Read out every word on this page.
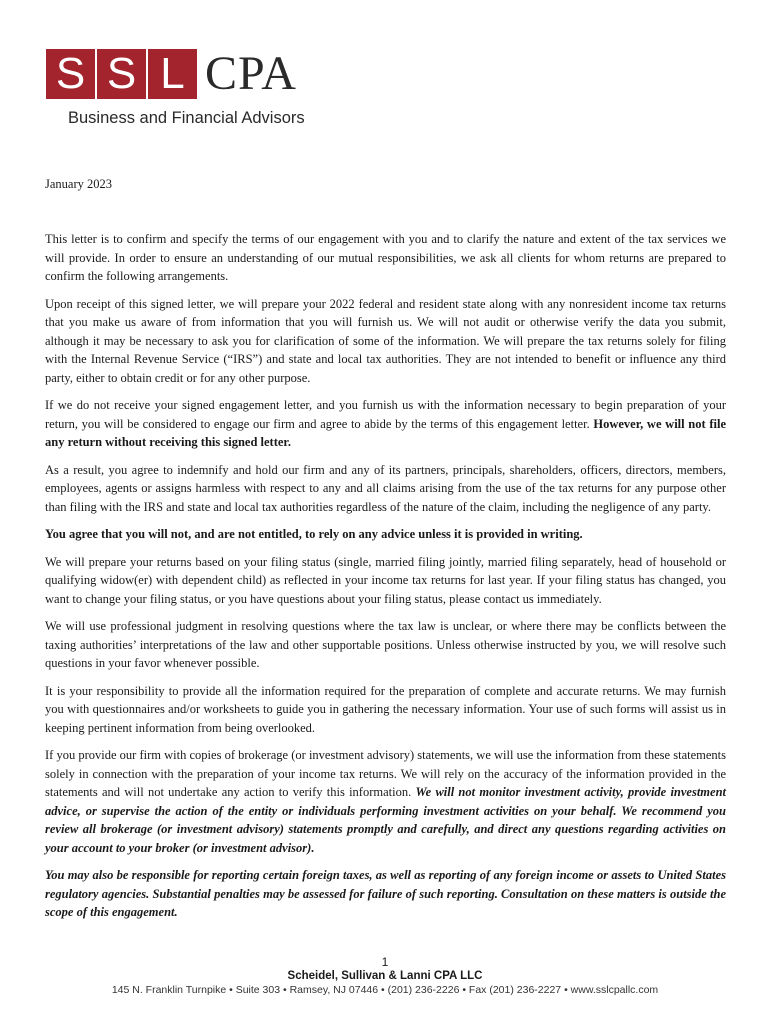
S S L CPA
Business and Financial Advisors
January 2023

This letter is to confirm and specify the terms of our engagement with you and to clarify the nature and extent of the tax services we will provide. In order to ensure an understanding of our mutual responsibilities, we ask all clients for whom returns are prepared to confirm the following arrangements.

Upon receipt of this signed letter, we will prepare your 2022 federal and resident state along with any nonresident income tax returns that you make us aware of from information that you will furnish us. We will not audit or otherwise verify the data you submit, although it may be necessary to ask you for clarification of some of the information. We will prepare the tax returns solely for filing with the Internal Revenue Service (“IRS”) and state and local tax authorities. They are not intended to benefit or influence any third party, either to obtain credit or for any other purpose.

If we do not receive your signed engagement letter, and you furnish us with the information necessary to begin preparation of your return, you will be considered to engage our firm and agree to abide by the terms of this engagement letter. However, we will not file any return without receiving this signed letter.

As a result, you agree to indemnify and hold our firm and any of its partners, principals, shareholders, officers, directors, members, employees, agents or assigns harmless with respect to any and all claims arising from the use of the tax returns for any purpose other than filing with the IRS and state and local tax authorities regardless of the nature of the claim, including the negligence of any party.

You agree that you will not, and are not entitled, to rely on any advice unless it is provided in writing.

We will prepare your returns based on your filing status (single, married filing jointly, married filing separately, head of household or qualifying widow(er) with dependent child) as reflected in your income tax returns for last year. If your filing status has changed, you want to change your filing status, or you have questions about your filing status, please contact us immediately.

We will use professional judgment in resolving questions where the tax law is unclear, or where there may be conflicts between the taxing authorities’ interpretations of the law and other supportable positions. Unless otherwise instructed by you, we will resolve such questions in your favor whenever possible.

It is your responsibility to provide all the information required for the preparation of complete and accurate returns. We may furnish you with questionnaires and/or worksheets to guide you in gathering the necessary information. Your use of such forms will assist us in keeping pertinent information from being overlooked.

If you provide our firm with copies of brokerage (or investment advisory) statements, we will use the information from these statements solely in connection with the preparation of your income tax returns. We will rely on the accuracy of the information provided in the statements and will not undertake any action to verify this information. We will not monitor investment activity, provide investment advice, or supervise the action of the entity or individuals performing investment activities on your behalf. We recommend you review all brokerage (or investment advisory) statements promptly and carefully, and direct any questions regarding activities on your account to your broker (or investment advisor).

You may also be responsible for reporting certain foreign taxes, as well as reporting of any foreign income or assets to United States regulatory agencies. Substantial penalties may be assessed for failure of such reporting. Consultation on these matters is outside the scope of this engagement.

1
Scheidel, Sullivan & Lanni CPA LLC
145 N. Franklin Turnpike • Suite 303 • Ramsey, NJ 07446 • (201) 236-2226 • Fax (201) 236-2227 • www.sslcpallc.com
